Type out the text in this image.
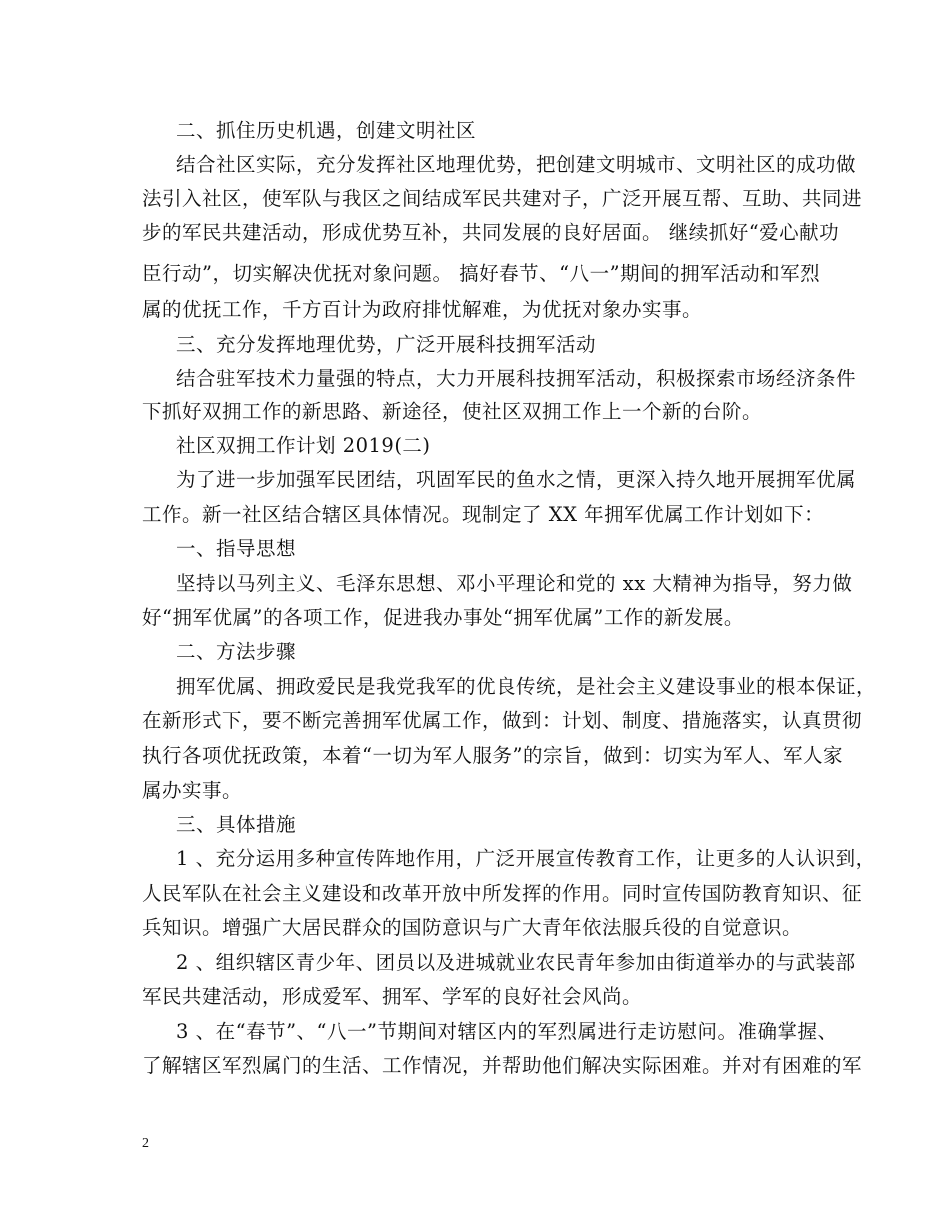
二、抓住历史机遇，创建文明社区
结合社区实际，充分发挥社区地理优势，把创建文明城市、文明社区的成功做
法引入社区，使军队与我区之间结成军民共建对子，广泛开展互帮、互助、共同进
步的军民共建活动，形成优势互补，共同发展的良好居面。 继续抓好“爱心献功
臣行动”，切实解决优抚对象问题。 搞好春节、“八一”期间的拥军活动和军烈
属的优抚工作，千方百计为政府排忧解难，为优抚对象办实事。
三、充分发挥地理优势，广泛开展科技拥军活动
结合驻军技术力量强的特点，大力开展科技拥军活动，积极探索市场经济条件
下抓好双拥工作的新思路、新途径，使社区双拥工作上一个新的台阶。
社区双拥工作计划 2019(二)
为了进一步加强军民团结，巩固军民的鱼水之情，更深入持久地开展拥军优属
工作。新一社区结合辖区具体情况。现制定了 XX 年拥军优属工作计划如下：
一、指导思想
坚持以马列主义、毛泽东思想、邓小平理论和党的 xx 大精神为指导，努力做
好“拥军优属”的各项工作，促进我办事处“拥军优属”工作的新发展。
二、方法步骤
拥军优属、拥政爱民是我党我军的优良传统，是社会主义建设事业的根本保证，
在新形式下，要不断完善拥军优属工作，做到：计划、制度、措施落实，认真贯彻
执行各项优抚政策，本着“一切为军人服务”的宗旨，做到：切实为军人、军人家
属办实事。
三、具体措施
1 、充分运用多种宣传阵地作用，广泛开展宣传教育工作，让更多的人认识到，
人民军队在社会主义建设和改革开放中所发挥的作用。同时宣传国防教育知识、征
兵知识。增强广大居民群众的国防意识与广大青年依法服兵役的自觉意识。
2 、组织辖区青少年、团员以及进城就业农民青年参加由街道举办的与武装部
军民共建活动，形成爱军、拥军、学军的良好社会风尚。
3 、在“春节”、“八一”节期间对辖区内的军烈属进行走访慰问。准确掌握、
了解辖区军烈属门的生活、工作情况，并帮助他们解决实际困难。并对有困难的军
2
